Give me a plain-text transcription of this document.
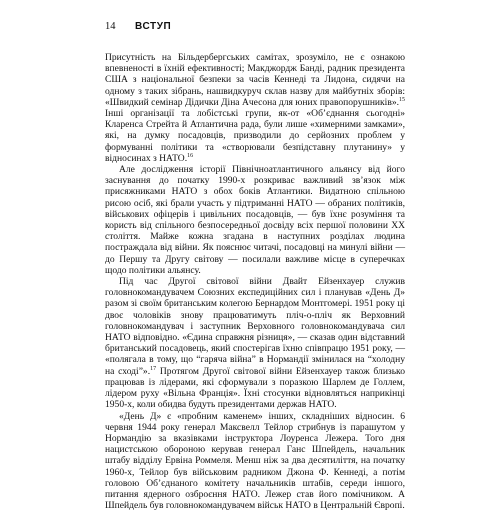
14 ВСТУП

Присутність на Більдербергських самітах, зрозуміло, не є ознакою впевненості в їхній ефективності; Макджордж Банді, радник президента США з національної безпеки за часів Кеннеді та Лидона, сидячи на одному з таких зібрань, нашвидкуруч склав назву для майбутніх зборів: «Швидкий семінар Дідички Діна Ачесона для юних правопорушників».$^{15}$ Інші організації та лобістські групи, як-от «Об’єднання сьогодні» Кларенса Стрейта й Атлантична рада, були лише «химерними замками», які, на думку посадовців, призводили до серйозних проблем у формуванні політики та «створювали безпідставну плутанину» у відносинах з НАТО.$^{16}$

Але дослідження історії Північноатлантичного альянсу від його заснування до початку 1990-х розкриває важливий зв’язок між присяжниками НАТО з обох боків Атлантики. Видатною спільною рисою осіб, які брали участь у підтриманні НАТО — обраних політиків, військових офіцерів і цивільних посадовців, — був їхнє розуміння та користь від спільного безпосередньої досвіду всіх першої половини XX століття. Майже кожна згадана в наступних розділах людина постраждала від війни. Як пояснює читачі, посадовці на минулі війни — до Першу та Другу світову — посилали важливе місце в суперечках щодо політики альянсу.

Під час Другої світової війни Двайт Ейзенхауер служив головнокомандувачем Союзних експедиційних сил і планував «День Д» разом зі своїм британським колегою Бернардом Монтгомері. 1951 року ці двоє чоловіків знову працюватимуть пліч-о-пліч як Верховний головнокомандувач і заступник Верховного головнокомандувача сил НАТО відповідно. «Єдина справжня різниця», — сказав один відставний британський посадовець, який спостерігав їхню співпрацю 1951 року, — «полягала в тому, що “гаряча війна” в Нормандії змінилася на “холодну на сході”».$^{17}$ Протягом Другої світової війни Ейзенхауер також близько працював із лідерами, які сформували з поразкою Шарлем де Голлем, лідером руху «Вільна Франція». Їхні стосунки відновляться наприкінці 1950-х, коли обидва будуть президентами держав НАТО.

«День Д» є «пробним каменем» інших, складніших відносин. 6 червня 1944 року генерал Максвелл Тейлор стрибнув із парашутом у Нормандію за вказівками інструктора Лоуренса Лежера. Того дня нацистською обороною керував генерал Ганс Шпейдель, начальник штабу відділу Ервіна Роммеля. Менш ніж за два десятиліття, на початку 1960-х, Тейлор був військовим радником Джона Ф. Кеннеді, а потім головою Об’єднаного комітету начальників штабів, середи іншого, питання ядерного озброєння НАТО. Лежер став його помічником. А Шпейдель був головнокомандувачем військ НАТО в Центральній Європі.
